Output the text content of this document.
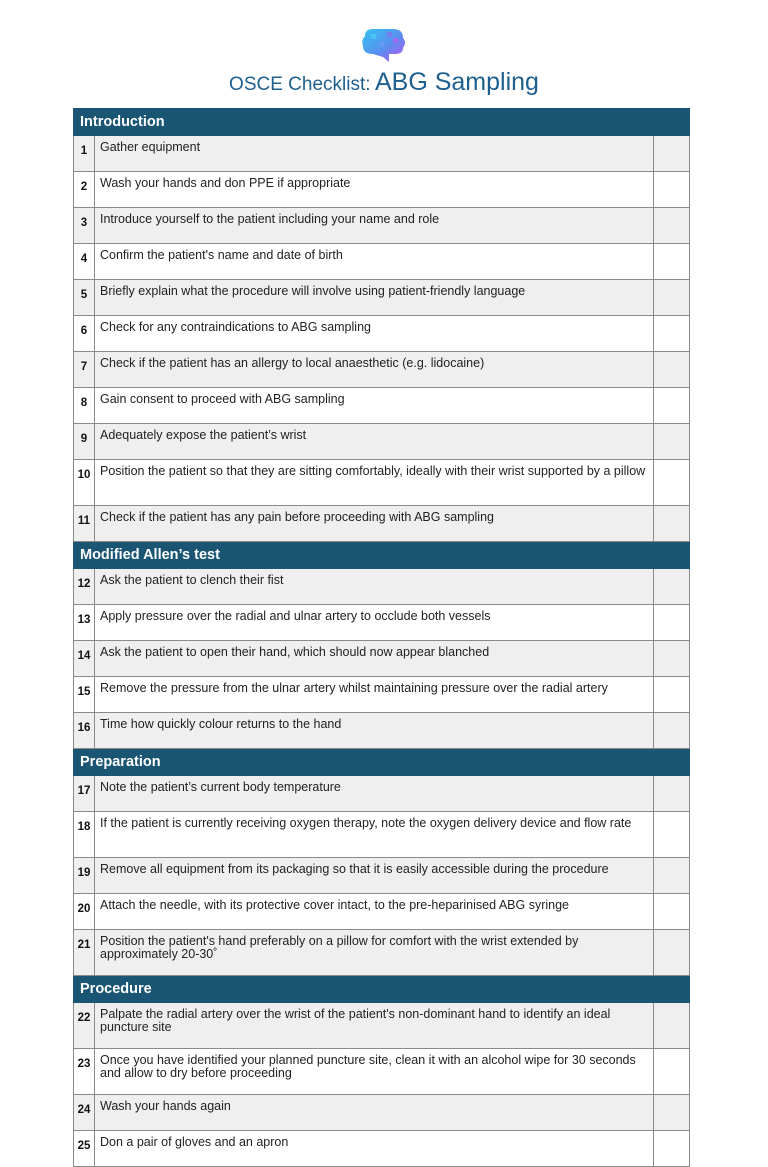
OSCE Checklist: ABG Sampling
Introduction		
1	Gather equipment	
2	Wash your hands and don PPE if appropriate	
3	Introduce yourself to the patient including your name and role	
4	Confirm the patient's name and date of birth	
5	Briefly explain what the procedure will involve using patient-friendly language	
6	Check for any contraindications to ABG sampling	
7	Check if the patient has an allergy to local anaesthetic (e.g. lidocaine)	
8	Gain consent to proceed with ABG sampling	
9	Adequately expose the patient’s wrist	
10	Position the patient so that they are sitting comfortably, ideally with their wrist supported by a pillow	
11	Check if the patient has any pain before proceeding with ABG sampling	
Modified Allen’s test		
12	Ask the patient to clench their fist	
13	Apply pressure over the radial and ulnar artery to occlude both vessels	
14	Ask the patient to open their hand, which should now appear blanched	
15	Remove the pressure from the ulnar artery whilst maintaining pressure over the radial artery	
16	Time how quickly colour returns to the hand	
Preparation		
17	Note the patient’s current body temperature	
18	If the patient is currently receiving oxygen therapy, note the oxygen delivery device and flow rate	
19	Remove all equipment from its packaging so that it is easily accessible during the procedure	
20	Attach the needle, with its protective cover intact, to the pre-heparinised ABG syringe	
21	Position the patient's hand preferably on a pillow for comfort with the wrist extended by approximately 20-30˚	
Procedure		
22	Palpate the radial artery over the wrist of the patient's non-dominant hand to identify an ideal puncture site	
23	Once you have identified your planned puncture site, clean it with an alcohol wipe for 30 seconds and allow to dry before proceeding	
24	Wash your hands again	
25	Don a pair of gloves and an apron	
